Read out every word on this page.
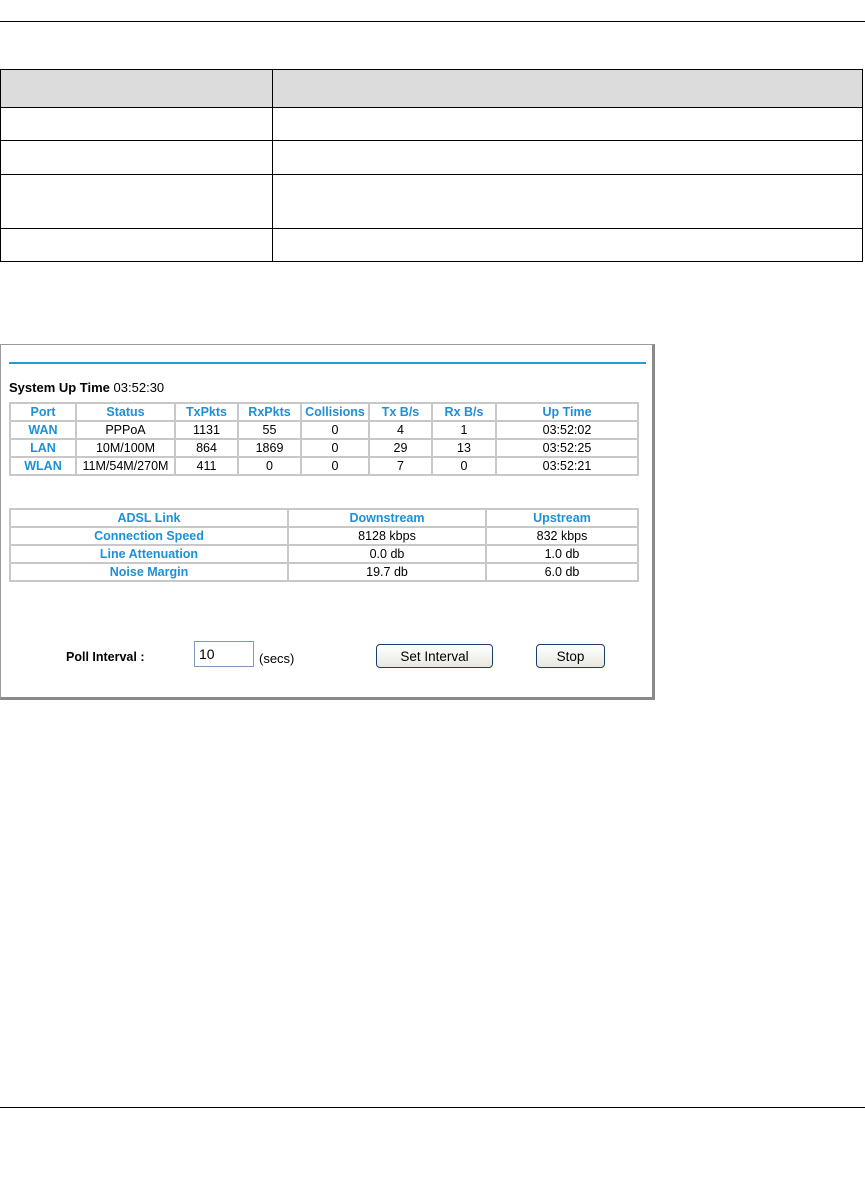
System Up Time 03:52:30
Port	Status	TxPkts	RxPkts	Collisions	Tx B/s	Rx B/s	Up Time
WAN	PPPoA	1131	55	0	4	1	03:52:02
LAN	10M/100M	864	1869	0	29	13	03:52:25
WLAN	11M/54M/270M	411	0	0	7	0	03:52:21
ADSL Link	Downstream	Upstream
Connection Speed	8128 kbps	832 kbps
Line Attenuation	0.0 db	1.0 db
Noise Margin	19.7 db	6.0 db
Poll Interval :
10	(secs)	Set Interval	Stop
